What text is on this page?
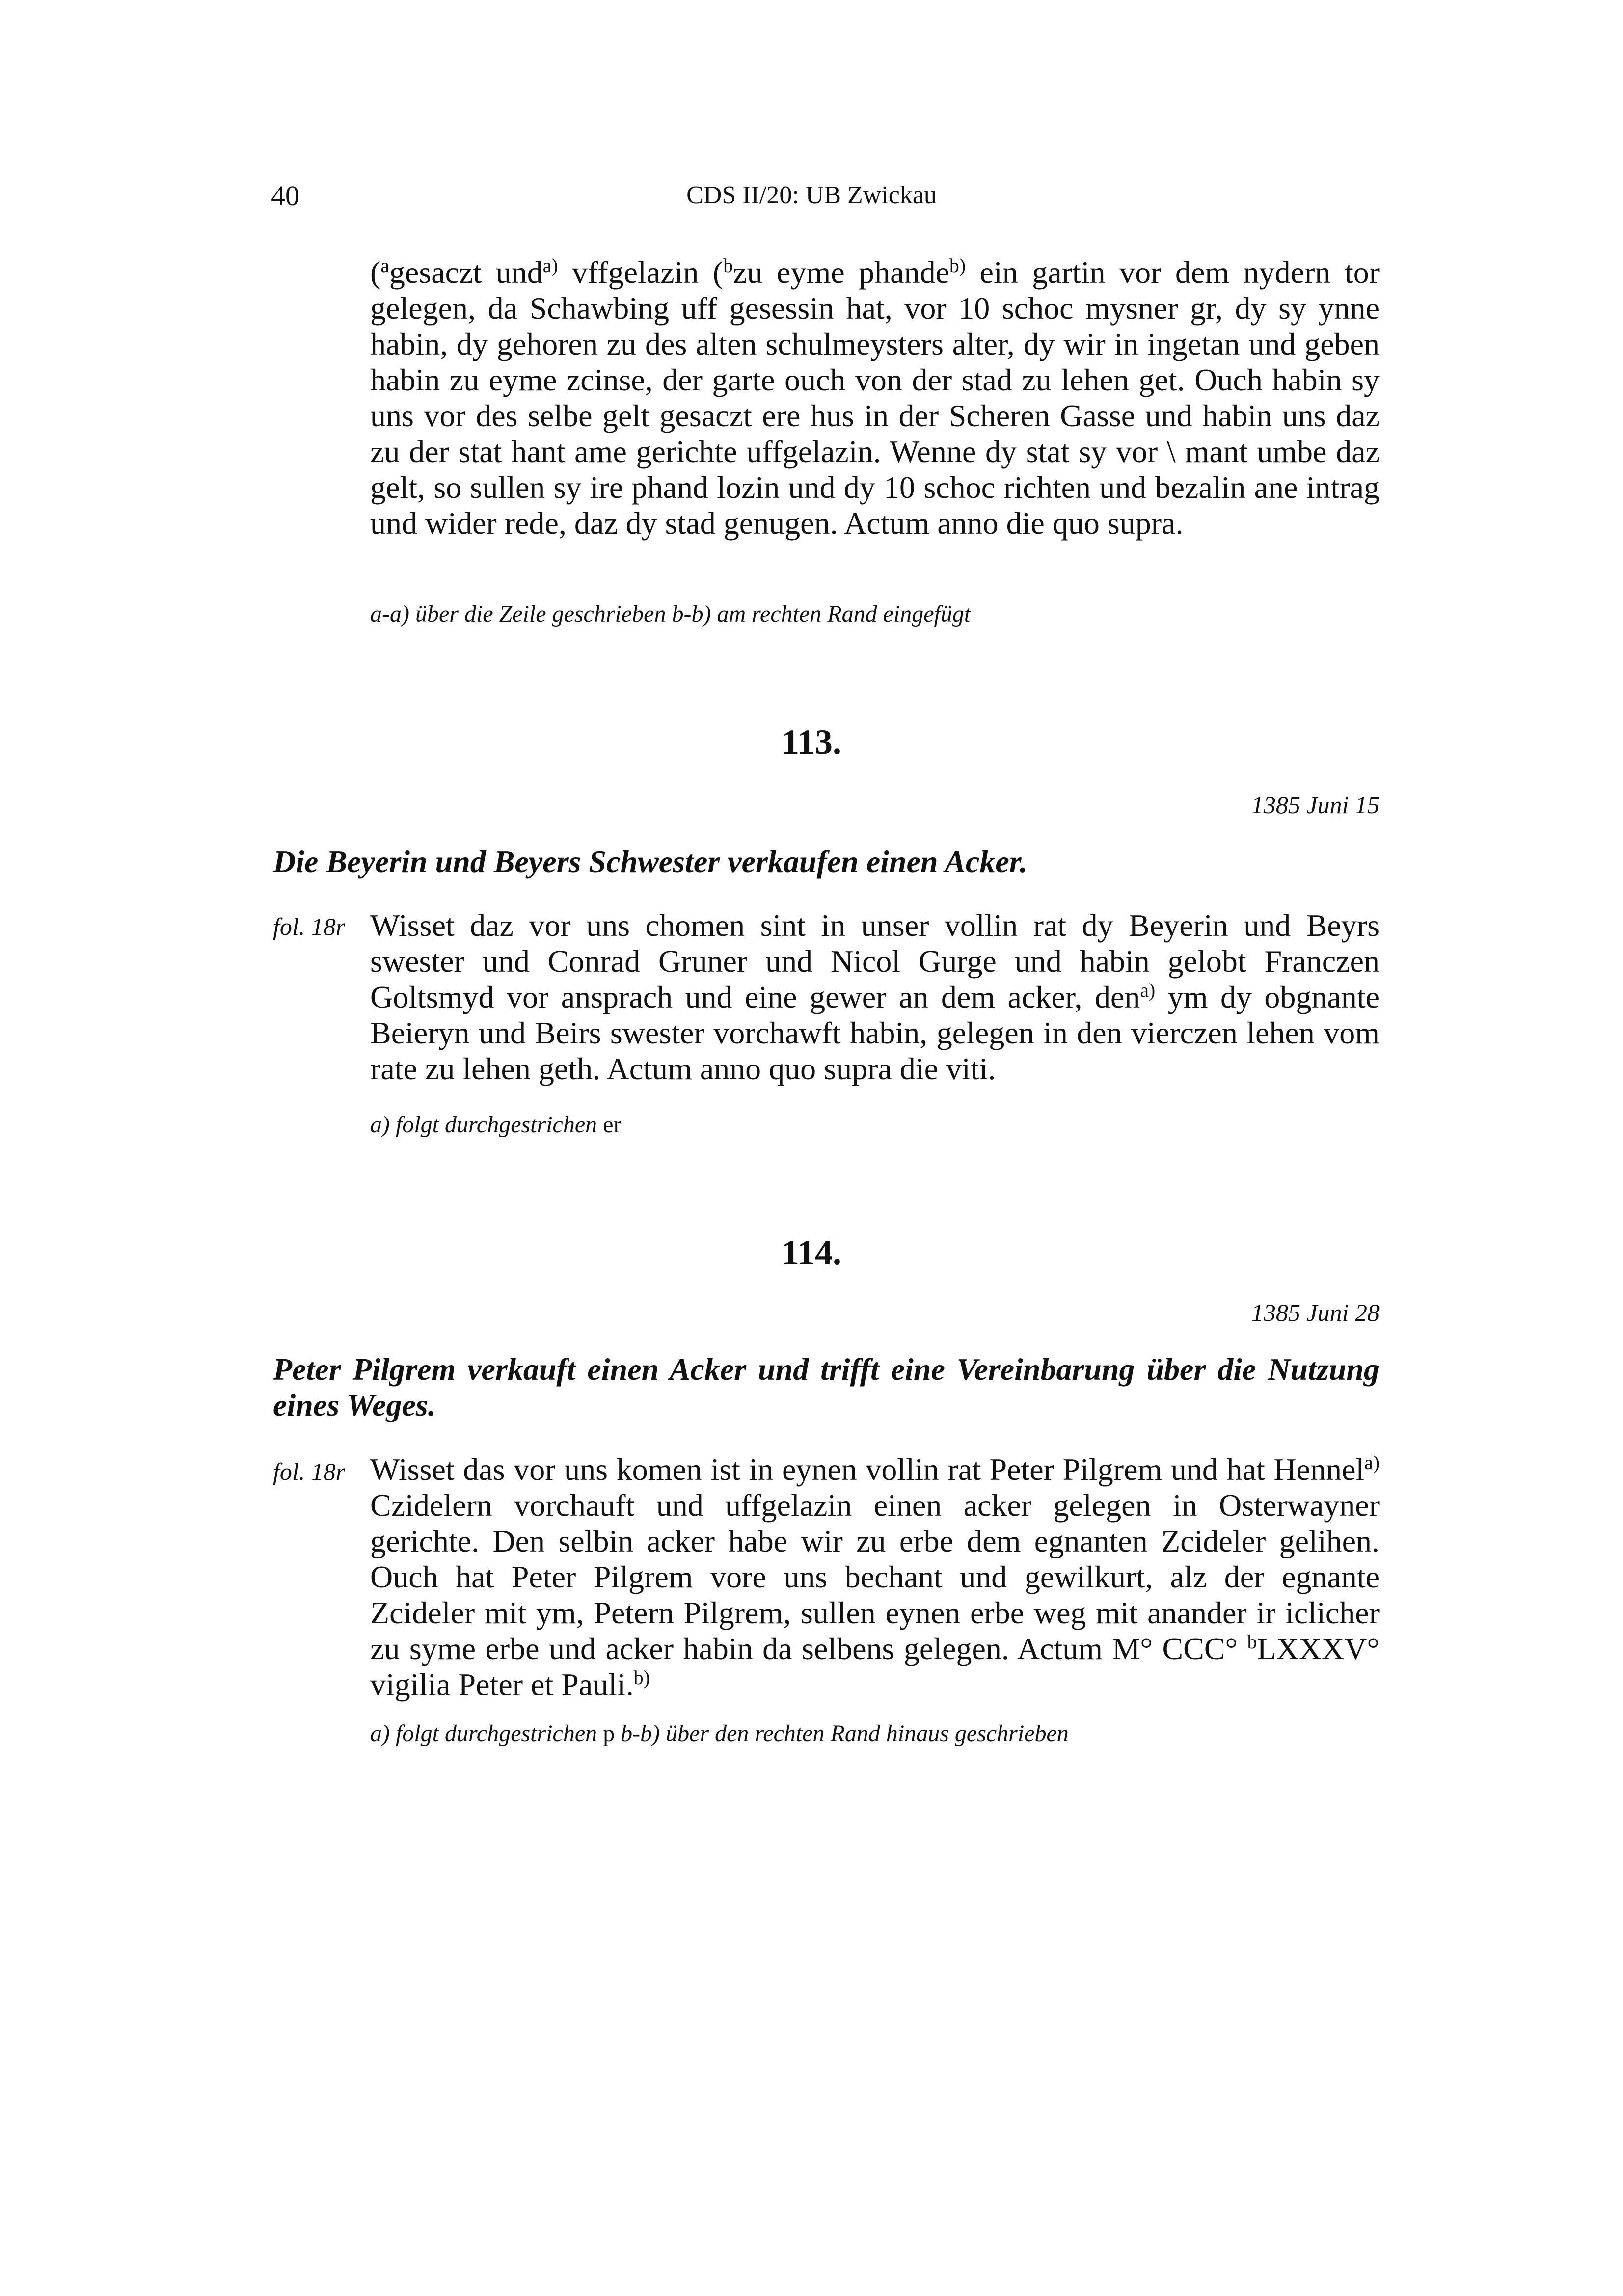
40	CDS II/20: UB Zwickau
($^a$gesaczt und$^{a)}$ vffgelazin ($^b$zu eyme phande$^{b)}$ ein gartin vor dem nydern tor gelegen, da Schawbing uff gesessin hat, vor 10 schoc mysner gr, dy sy ynne habin, dy gehoren zu des alten schulmeysters alter, dy wir in ingetan und geben habin zu eyme zcinse, der garte ouch von der stad zu lehen get. Ouch habin sy uns vor des selbe gelt gesaczt ere hus in der Scheren Gasse und habin uns daz zu der stat hant ame gerichte uffgelazin. Wenne dy stat sy vor \ mant umbe daz gelt, so sullen sy ire phand lozin und dy 10 schoc richten und bezalin ane intrag und wider rede, daz dy stad genugen. Actum anno die quo supra.
a-a) über die Zeile geschrieben b-b) am rechten Rand eingefügt
113.
1385 Juni 15
Die Beyerin und Beyers Schwester verkaufen einen Acker.
fol. 18r Wisset daz vor uns chomen sint in unser vollin rat dy Beyerin und Beyrs swester und Conrad Gruner und Nicol Gurge und habin gelobt Franczen Goltsmyd vor ansprach und eine gewer an dem acker, den$^{a)}$ ym dy obgnante Beieryn und Beirs swester vorchawft habin, gelegen in den vierczen lehen vom rate zu lehen geth. Actum anno quo supra die viti.
a) folgt durchgestrichen er
114.
1385 Juni 28
Peter Pilgrem verkauft einen Acker und trifft eine Vereinbarung über die Nutzung eines Weges.
fol. 18r Wisset das vor uns komen ist in eynen vollin rat Peter Pilgrem und hat Hennel$^{a)}$ Czidelern vorchauft und uffgelazin einen acker gelegen in Osterwayner gerichte. Den selbin acker habe wir zu erbe dem egnanten Zcideler gelihen. Ouch hat Peter Pilgrem vore uns bechant und gewilkurt, alz der egnante Zcideler mit ym, Petern Pilgrem, sullen eynen erbe weg mit anander ir iclicher zu syme erbe und acker habin da selbens gelegen. Actum M° CCC° $^b$LXXXV° vigilia Peter et Pauli.$^{b)}$
a) folgt durchgestrichen p b-b) über den rechten Rand hinaus geschrieben
